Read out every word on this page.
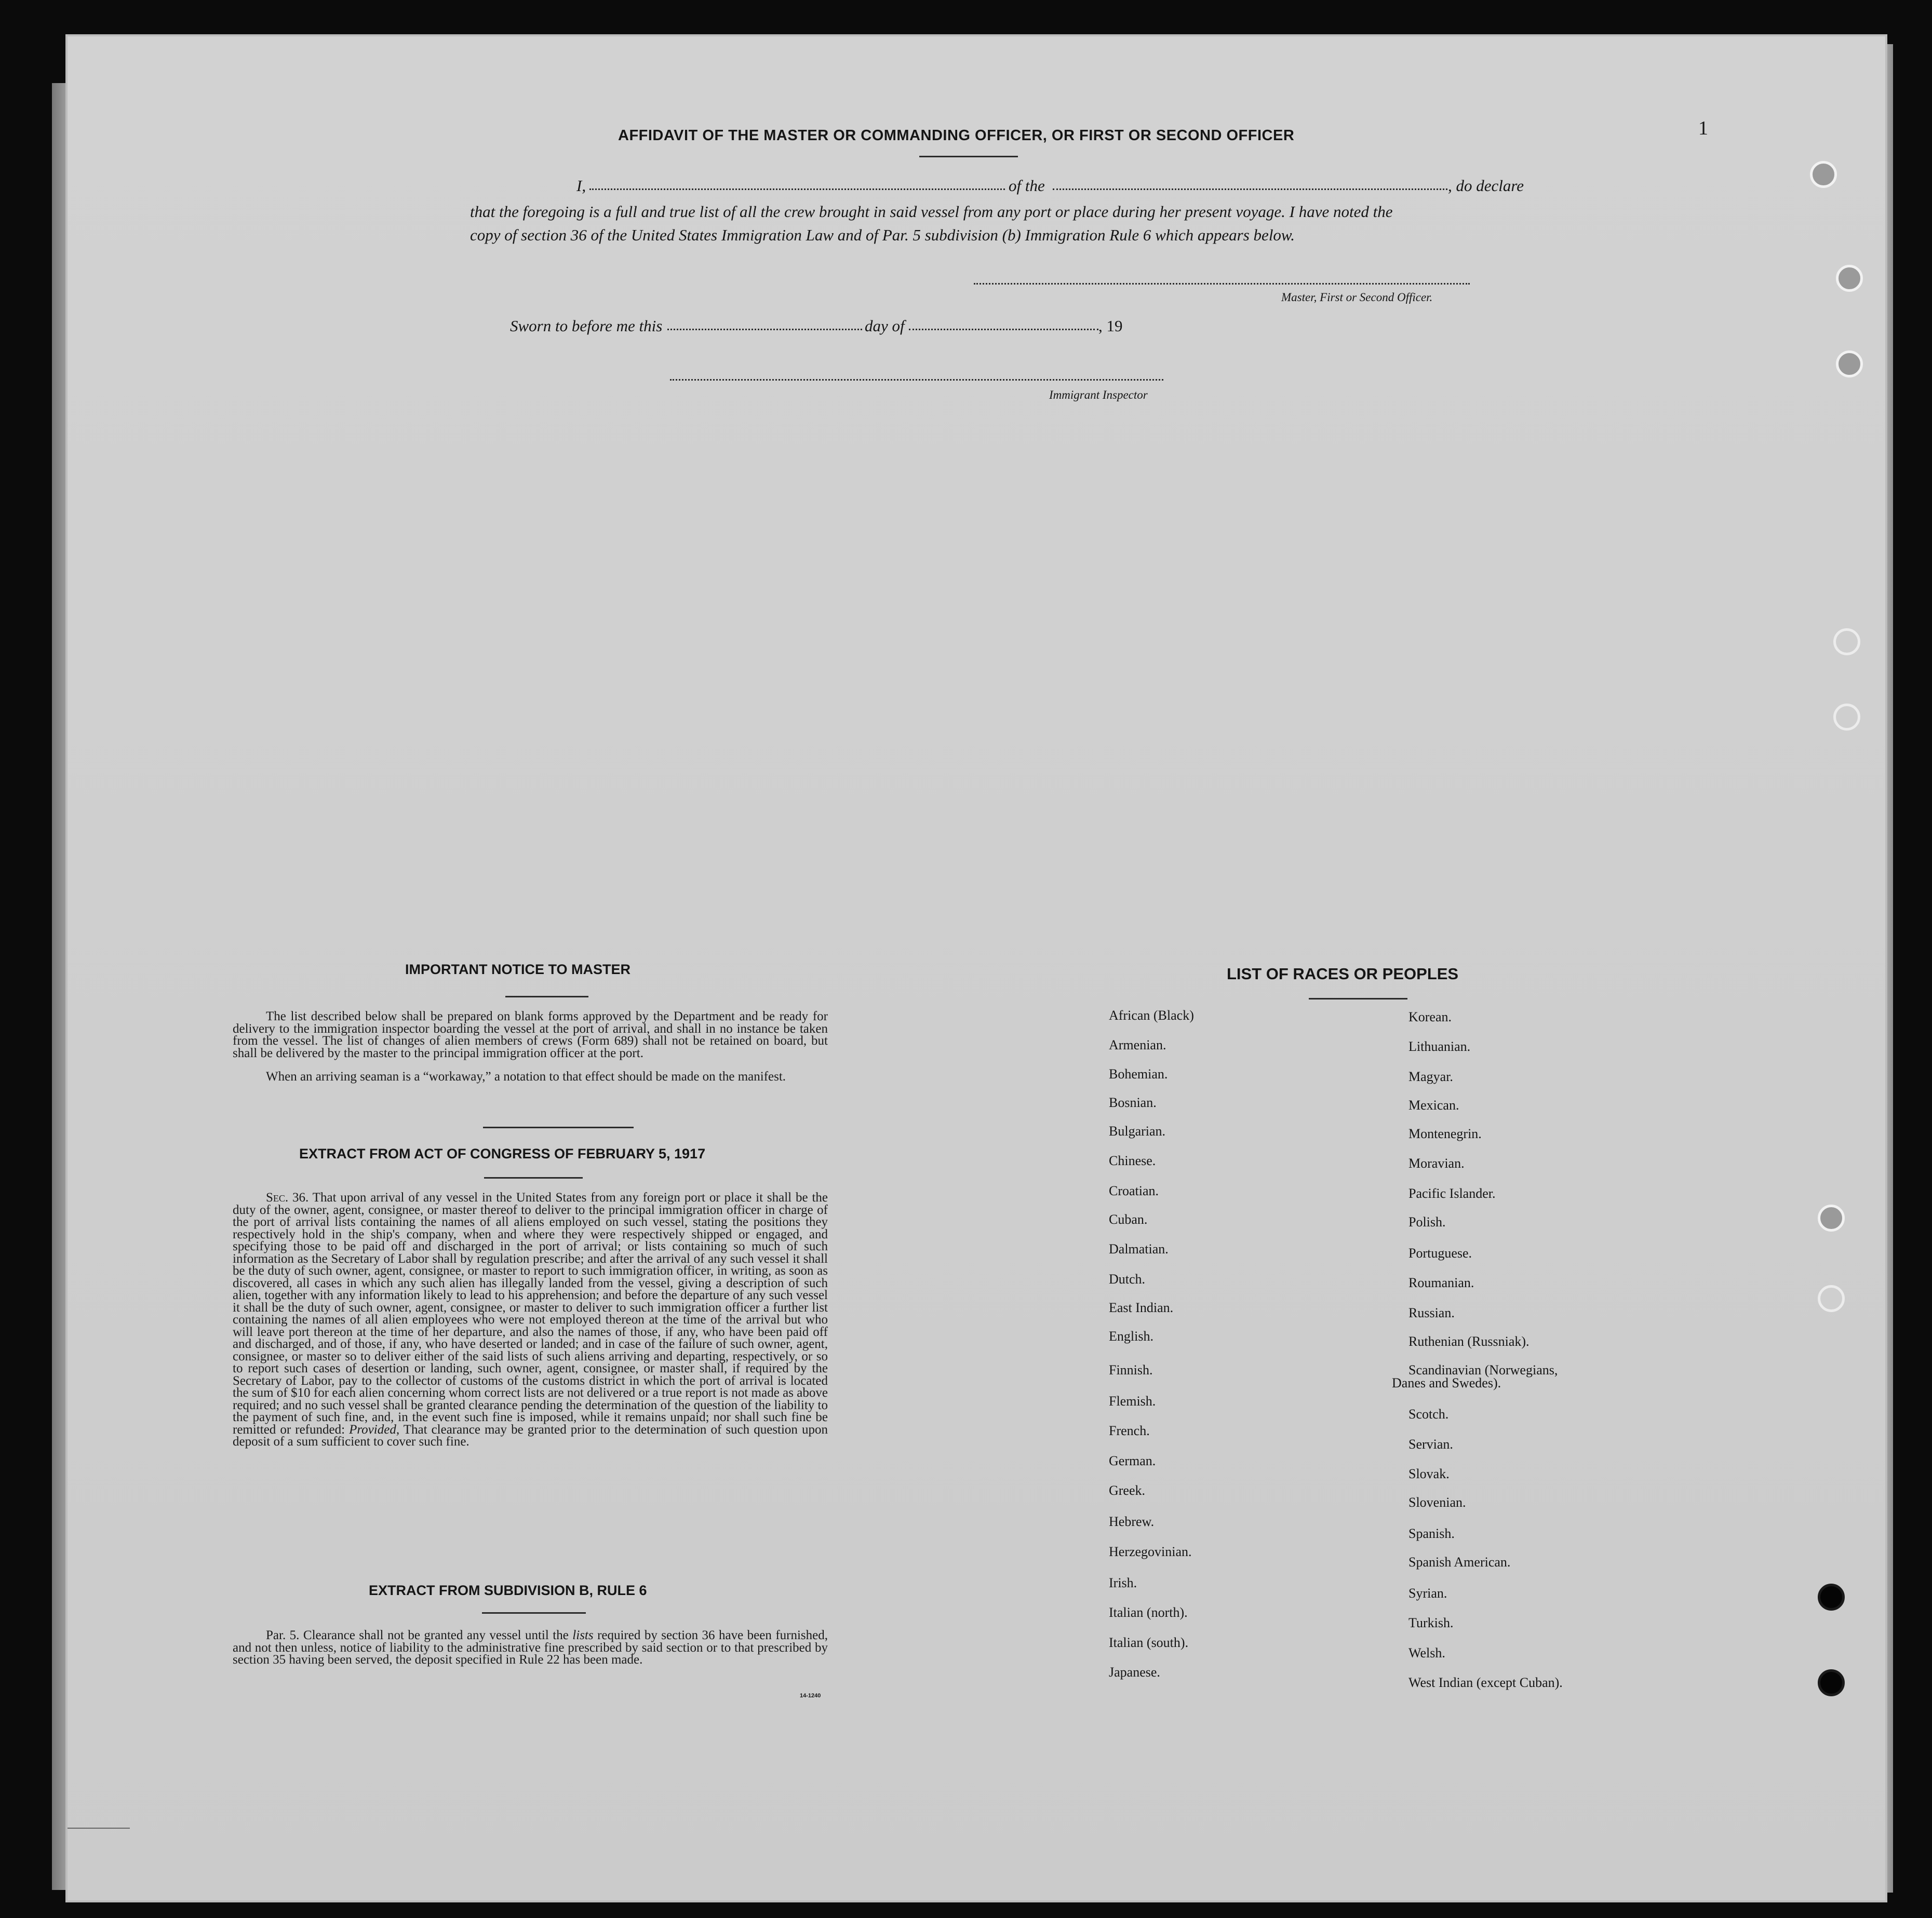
1
AFFIDAVIT OF THE MASTER OR COMMANDING OFFICER, OR FIRST OR SECOND OFFICER
I,	of the	, do declare
that the foregoing is a full and true list of all the crew brought in said vessel from any port or place during her present voyage. I have noted the
copy of section 36 of the United States Immigration Law and of Par. 5 subdivision (b) Immigration Rule 6 which appears below.
Master, First or Second Officer.
Sworn to before me this	day of	, 19
Immigrant Inspector
IMPORTANT NOTICE TO MASTER
The list described below shall be prepared on blank forms approved by the Department and be ready for delivery to the immigration inspector boarding the vessel at the port of arrival, and shall in no instance be taken from the vessel. The list of changes of alien members of crews (Form 689) shall not be retained on board, but shall be delivered by the master to the principal immigration officer at the port.
When an arriving seaman is a “workaway,” a notation to that effect should be made on the manifest.
EXTRACT FROM ACT OF CONGRESS OF FEBRUARY 5, 1917
Sec. 36. That upon arrival of any vessel in the United States from any foreign port or place it shall be the duty of the owner, agent, consignee, or master thereof to deliver to the principal immigration officer in charge of the port of arrival lists containing the names of all aliens employed on such vessel, stating the positions they respectively hold in the ship's company, when and where they were respectively shipped or engaged, and specifying those to be paid off and discharged in the port of arrival; or lists containing so much of such information as the Secretary of Labor shall by regulation prescribe; and after the arrival of any such vessel it shall be the duty of such owner, agent, consignee, or master to report to such immigration officer, in writing, as soon as discovered, all cases in which any such alien has illegally landed from the vessel, giving a description of such alien, together with any information likely to lead to his apprehension; and before the departure of any such vessel it shall be the duty of such owner, agent, consignee, or master to deliver to such immigration officer a further list containing the names of all alien employees who were not employed thereon at the time of the arrival but who will leave port thereon at the time of her departure, and also the names of those, if any, who have been paid off and discharged, and of those, if any, who have deserted or landed; and in case of the failure of such owner, agent, consignee, or master so to deliver either of the said lists of such aliens arriving and departing, respectively, or so to report such cases of desertion or landing, such owner, agent, consignee, or master shall, if required by the Secretary of Labor, pay to the collector of customs of the customs district in which the port of arrival is located the sum of $10 for each alien concerning whom correct lists are not delivered or a true report is not made as above required; and no such vessel shall be granted clearance pending the determination of the question of the liability to the payment of such fine, and, in the event such fine is imposed, while it remains unpaid; nor shall such fine be remitted or refunded: Provided, That clearance may be granted prior to the determination of such question upon deposit of a sum sufficient to cover such fine.
EXTRACT FROM SUBDIVISION B, RULE 6
Par. 5. Clearance shall not be granted any vessel until the lists required by section 36 have been furnished, and not then unless, notice of liability to the administrative fine prescribed by said section or to that prescribed by section 35 having been served, the deposit specified in Rule 22 has been made.
14-1240
LIST OF RACES OR PEOPLES
African (Black)
Armenian.
Bohemian.
Bosnian.
Bulgarian.
Chinese.
Croatian.
Cuban.
Dalmatian.
Dutch.
East Indian.
English.
Finnish.
Flemish.
French.
German.
Greek.
Hebrew.
Herzegovinian.
Irish.
Italian (north).
Italian (south).
Japanese.
Korean.
Lithuanian.
Magyar.
Mexican.
Montenegrin.
Moravian.
Pacific Islander.
Polish.
Portuguese.
Roumanian.
Russian.
Ruthenian (Russniak).
Scandinavian (Norwegians,
Danes and Swedes).
Scotch.
Servian.
Slovak.
Slovenian.
Spanish.
Spanish American.
Syrian.
Turkish.
Welsh.
West Indian (except Cuban).
